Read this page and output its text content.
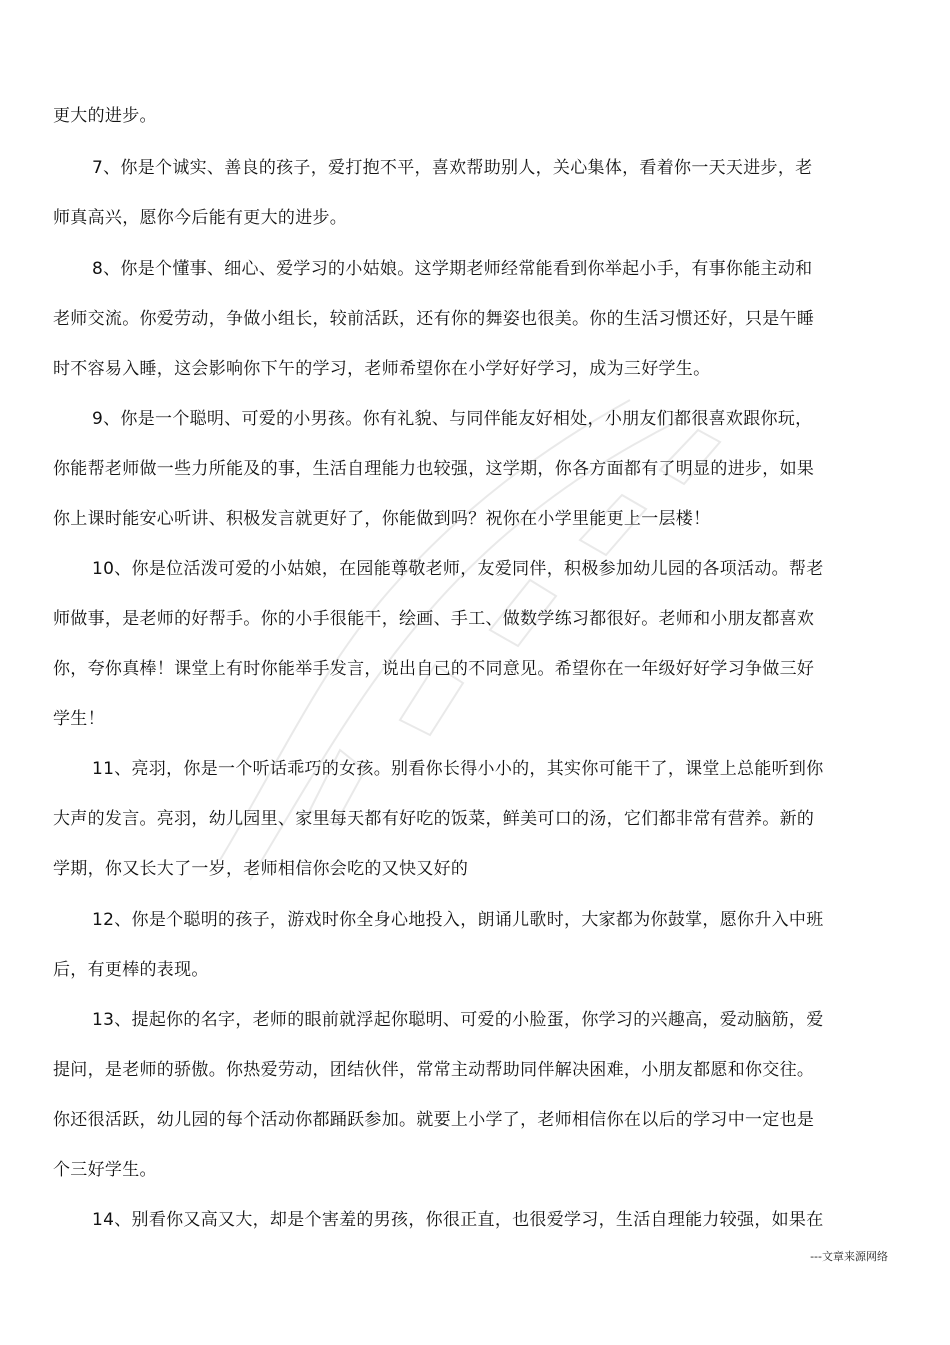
更大的进步。
7、你是个诚实、善良的孩子，爱打抱不平，喜欢帮助别人，关心集体，看着你一天天进步，老
师真高兴，愿你今后能有更大的进步。
8、你是个懂事、细心、爱学习的小姑娘。这学期老师经常能看到你举起小手，有事你能主动和
老师交流。你爱劳动，争做小组长，较前活跃，还有你的舞姿也很美。你的生活习惯还好，只是午睡
时不容易入睡，这会影响你下午的学习，老师希望你在小学好好学习，成为三好学生。
9、你是一个聪明、可爱的小男孩。你有礼貌、与同伴能友好相处，小朋友们都很喜欢跟你玩，
你能帮老师做一些力所能及的事，生活自理能力也较强，这学期，你各方面都有了明显的进步，如果
你上课时能安心听讲、积极发言就更好了，你能做到吗？祝你在小学里能更上一层楼！
10、你是位活泼可爱的小姑娘，在园能尊敬老师，友爱同伴，积极参加幼儿园的各项活动。帮老
师做事，是老师的好帮手。你的小手很能干，绘画、手工、做数学练习都很好。老师和小朋友都喜欢
你，夸你真棒！课堂上有时你能举手发言，说出自己的不同意见。希望你在一年级好好学习争做三好
学生！
11、亮羽，你是一个听话乖巧的女孩。别看你长得小小的，其实你可能干了，课堂上总能听到你
大声的发言。亮羽，幼儿园里、家里每天都有好吃的饭菜，鲜美可口的汤，它们都非常有营养。新的
学期，你又长大了一岁，老师相信你会吃的又快又好的
12、你是个聪明的孩子，游戏时你全身心地投入，朗诵儿歌时，大家都为你鼓掌，愿你升入中班
后，有更棒的表现。
13、提起你的名字，老师的眼前就浮起你聪明、可爱的小脸蛋，你学习的兴趣高，爱动脑筋，爱
提问，是老师的骄傲。你热爱劳动，团结伙伴，常常主动帮助同伴解决困难，小朋友都愿和你交往。
你还很活跃，幼儿园的每个活动你都踊跃参加。就要上小学了，老师相信你在以后的学习中一定也是
个三好学生。
14、别看你又高又大，却是个害羞的男孩，你很正直，也很爱学习，生活自理能力较强，如果在
---文章来源网络
